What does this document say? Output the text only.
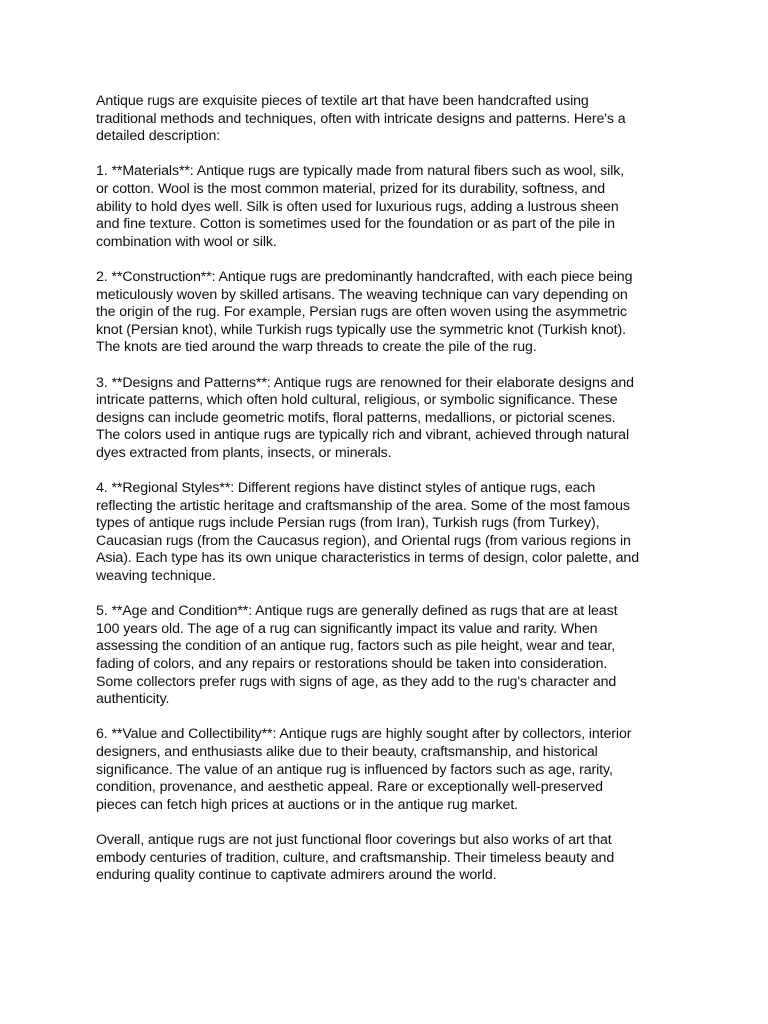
Antique rugs are exquisite pieces of textile art that have been handcrafted using
traditional methods and techniques, often with intricate designs and patterns. Here's a
detailed description:

1. **Materials**: Antique rugs are typically made from natural fibers such as wool, silk,
or cotton. Wool is the most common material, prized for its durability, softness, and
ability to hold dyes well. Silk is often used for luxurious rugs, adding a lustrous sheen
and fine texture. Cotton is sometimes used for the foundation or as part of the pile in
combination with wool or silk.

2. **Construction**: Antique rugs are predominantly handcrafted, with each piece being
meticulously woven by skilled artisans. The weaving technique can vary depending on
the origin of the rug. For example, Persian rugs are often woven using the asymmetric
knot (Persian knot), while Turkish rugs typically use the symmetric knot (Turkish knot).
The knots are tied around the warp threads to create the pile of the rug.

3. **Designs and Patterns**: Antique rugs are renowned for their elaborate designs and
intricate patterns, which often hold cultural, religious, or symbolic significance. These
designs can include geometric motifs, floral patterns, medallions, or pictorial scenes.
The colors used in antique rugs are typically rich and vibrant, achieved through natural
dyes extracted from plants, insects, or minerals.

4. **Regional Styles**: Different regions have distinct styles of antique rugs, each
reflecting the artistic heritage and craftsmanship of the area. Some of the most famous
types of antique rugs include Persian rugs (from Iran), Turkish rugs (from Turkey),
Caucasian rugs (from the Caucasus region), and Oriental rugs (from various regions in
Asia). Each type has its own unique characteristics in terms of design, color palette, and
weaving technique.

5. **Age and Condition**: Antique rugs are generally defined as rugs that are at least
100 years old. The age of a rug can significantly impact its value and rarity. When
assessing the condition of an antique rug, factors such as pile height, wear and tear,
fading of colors, and any repairs or restorations should be taken into consideration.
Some collectors prefer rugs with signs of age, as they add to the rug's character and
authenticity.

6. **Value and Collectibility**: Antique rugs are highly sought after by collectors, interior
designers, and enthusiasts alike due to their beauty, craftsmanship, and historical
significance. The value of an antique rug is influenced by factors such as age, rarity,
condition, provenance, and aesthetic appeal. Rare or exceptionally well-preserved
pieces can fetch high prices at auctions or in the antique rug market.

Overall, antique rugs are not just functional floor coverings but also works of art that
embody centuries of tradition, culture, and craftsmanship. Their timeless beauty and
enduring quality continue to captivate admirers around the world.
